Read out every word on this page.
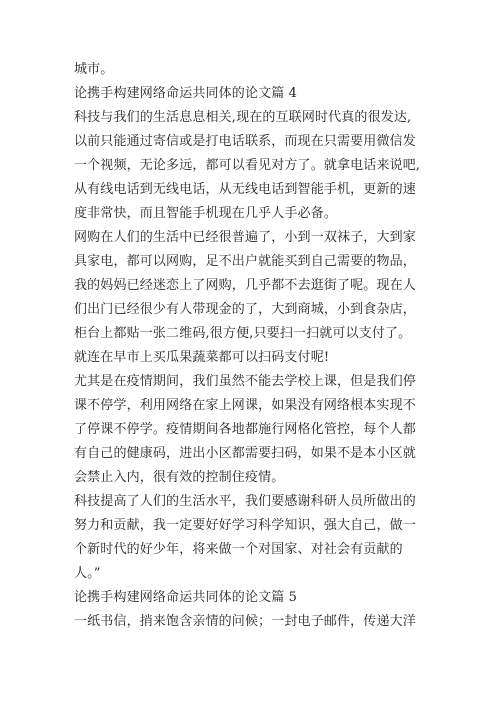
城市。
论携手构建网络命运共同体的论文篇 4
科技与我们的生活息息相关,现在的互联网时代真的很发达,
以前只能通过寄信或是打电话联系，而现在只需要用微信发
一个视频，无论多远，都可以看见对方了。就拿电话来说吧,
从有线电话到无线电话，从无线电话到智能手机，更新的速
度非常快，而且智能手机现在几乎人手必备。
网购在人们的生活中已经很普遍了，小到一双袜子，大到家
具家电，都可以网购，足不出户就能买到自己需要的物品，
我的妈妈已经迷恋上了网购，几乎都不去逛街了呢。现在人
们出门已经很少有人带现金的了，大到商城，小到食杂店，
柜台上都贴一张二维码,很方便,只要扫一扫就可以支付了。
就连在早市上买瓜果蔬菜都可以扫码支付呢!
尤其是在疫情期间，我们虽然不能去学校上课，但是我们停
课不停学，利用网络在家上网课，如果没有网络根本实现不
了停课不停学。疫情期间各地都施行网格化管控，每个人都
有自己的健康码，进出小区都需要扫码，如果不是本小区就
会禁止入内，很有效的控制住疫情。
科技提高了人们的生活水平，我们要感谢科研人员所做出的
努力和贡献，我一定要好好学习科学知识，强大自己，做一
个新时代的好少年，将来做一个对国家、对社会有贡献的
人。”
论携手构建网络命运共同体的论文篇 5
一纸书信，捎来饱含亲情的问候；一封电子邮件，传递大洋
